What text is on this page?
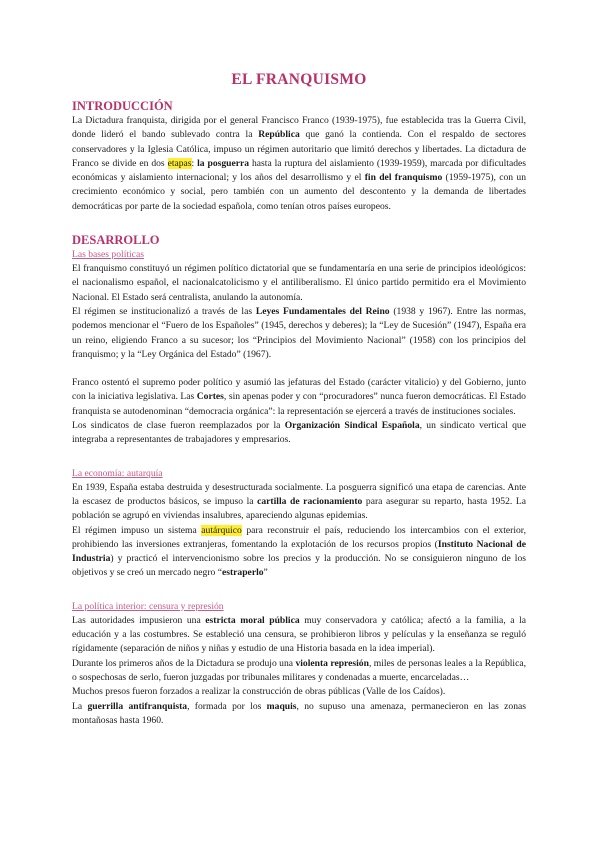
EL FRANQUISMO
INTRODUCCIÓN

La Dictadura franquista, dirigida por el general Francisco Franco (1939-1975), fue establecida tras la Guerra Civil, donde lideró el bando sublevado contra la República que ganó la contienda. Con el respaldo de sectores conservadores y la Iglesia Católica, impuso un régimen autoritario que limitó derechos y libertades. La dictadura de Franco se divide en dos etapas: la posguerra hasta la ruptura del aislamiento (1939-1959), marcada por dificultades económicas y aislamiento internacional; y los años del desarrollismo y el fin del franquismo (1959-1975), con un crecimiento económico y social, pero también con un aumento del descontento y la demanda de libertades democráticas por parte de la sociedad española, como tenían otros países europeos.

DESARROLLO
Las bases políticas

El franquismo constituyó un régimen político dictatorial que se fundamentaría en una serie de principios ideológicos: el nacionalismo español, el nacionalcatolicismo y el antiliberalismo. El único partido permitido era el Movimiento Nacional. El Estado será centralista, anulando la autonomía.

El régimen se institucionalizó a través de las Leyes Fundamentales del Reino (1938 y 1967). Entre las normas, podemos mencionar el “Fuero de los Españoles” (1945, derechos y deberes); la “Ley de Sucesión” (1947), España era un reino, eligiendo Franco a su sucesor; los “Principios del Movimiento Nacional” (1958) con los principios del franquismo; y la “Ley Orgánica del Estado” (1967).

Franco ostentó el supremo poder político y asumió las jefaturas del Estado (carácter vitalicio) y del Gobierno, junto con la iniciativa legislativa. Las Cortes, sin apenas poder y con “procuradores” nunca fueron democráticas. El Estado franquista se autodenominan “democracia orgánica”: la representación se ejercerá a través de instituciones sociales.

Los sindicatos de clase fueron reemplazados por la Organización Sindical Española, un sindicato vertical que integraba a representantes de trabajadores y empresarios.

La economía: autarquía

En 1939, España estaba destruida y desestructurada socialmente. La posguerra significó una etapa de carencias. Ante la escasez de productos básicos, se impuso la cartilla de racionamiento para asegurar su reparto, hasta 1952. La población se agrupó en viviendas insalubres, apareciendo algunas epidemias.

El régimen impuso un sistema autárquico para reconstruir el país, reduciendo los intercambios con el exterior, prohibiendo las inversiones extranjeras, fomentando la explotación de los recursos propios (Instituto Nacional de Industria) y practicó el intervencionismo sobre los precios y la producción. No se consiguieron ninguno de los objetivos y se creó un mercado negro “estraperlo”

La política interior: censura y represión

Las autoridades impusieron una estricta moral pública muy conservadora y católica; afectó a la familia, a la educación y a las costumbres. Se estableció una censura, se prohibieron libros y películas y la enseñanza se reguló rígidamente (separación de niños y niñas y estudio de una Historia basada en la idea imperial).

Durante los primeros años de la Dictadura se produjo una violenta represión, miles de personas leales a la República, o sospechosas de serlo, fueron juzgadas por tribunales militares y condenadas a muerte, encarceladas…

Muchos presos fueron forzados a realizar la construcción de obras públicas (Valle de los Caídos).

La guerrilla antifranquista, formada por los maquis, no supuso una amenaza, permanecieron en las zonas montañosas hasta 1960.
